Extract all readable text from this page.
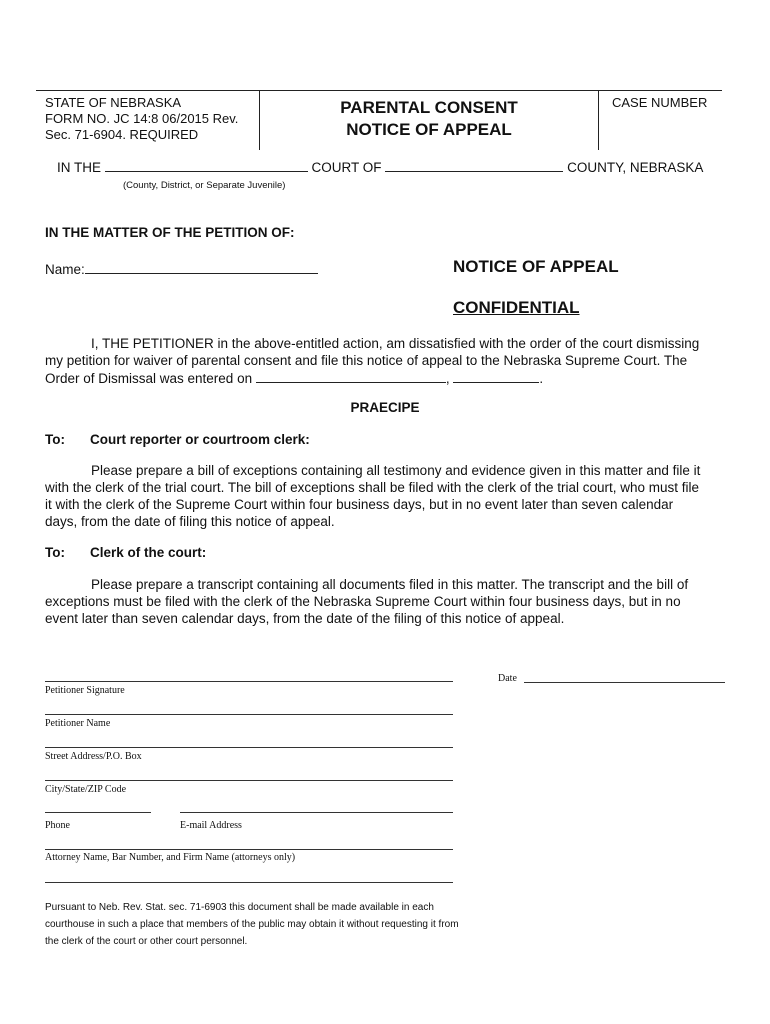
STATE OF NEBRASKA
FORM NO. JC 14:8 06/2015 Rev.
Sec. 71-6904. REQUIRED
PARENTAL CONSENT
NOTICE OF APPEAL
CASE NUMBER
IN THE	COURT OF	COUNTY, NEBRASKA
(County, District, or Separate Juvenile)
IN THE MATTER OF THE PETITION OF:
Name:	NOTICE OF APPEAL
CONFIDENTIAL
I, THE PETITIONER in the above-entitled action, am dissatisfied with the order of the court dismissing
my petition for waiver of parental consent and file this notice of appeal to the Nebraska Supreme Court. The
Order of Dismissal was entered on	,	.
PRAECIPE
To: Court reporter or courtroom clerk:
Please prepare a bill of exceptions containing all testimony and evidence given in this matter and file it
with the clerk of the trial court. The bill of exceptions shall be filed with the clerk of the trial court, who must file
it with the clerk of the Supreme Court within four business days, but in no event later than seven calendar
days, from the date of filing this notice of appeal.
To: Clerk of the court:
Please prepare a transcript containing all documents filed in this matter. The transcript and the bill of
exceptions must be filed with the clerk of the Nebraska Supreme Court within four business days, but in no
event later than seven calendar days, from the date of the filing of this notice of appeal.
Petitioner Signature
Date
Petitioner Name
Street Address/P.O. Box
City/State/ZIP Code
Phone	E-mail Address
Attorney Name, Bar Number, and Firm Name (attorneys only)
Pursuant to Neb. Rev. Stat. sec. 71-6903 this document shall be made available in each
courthouse in such a place that members of the public may obtain it without requesting it from
the clerk of the court or other court personnel.
